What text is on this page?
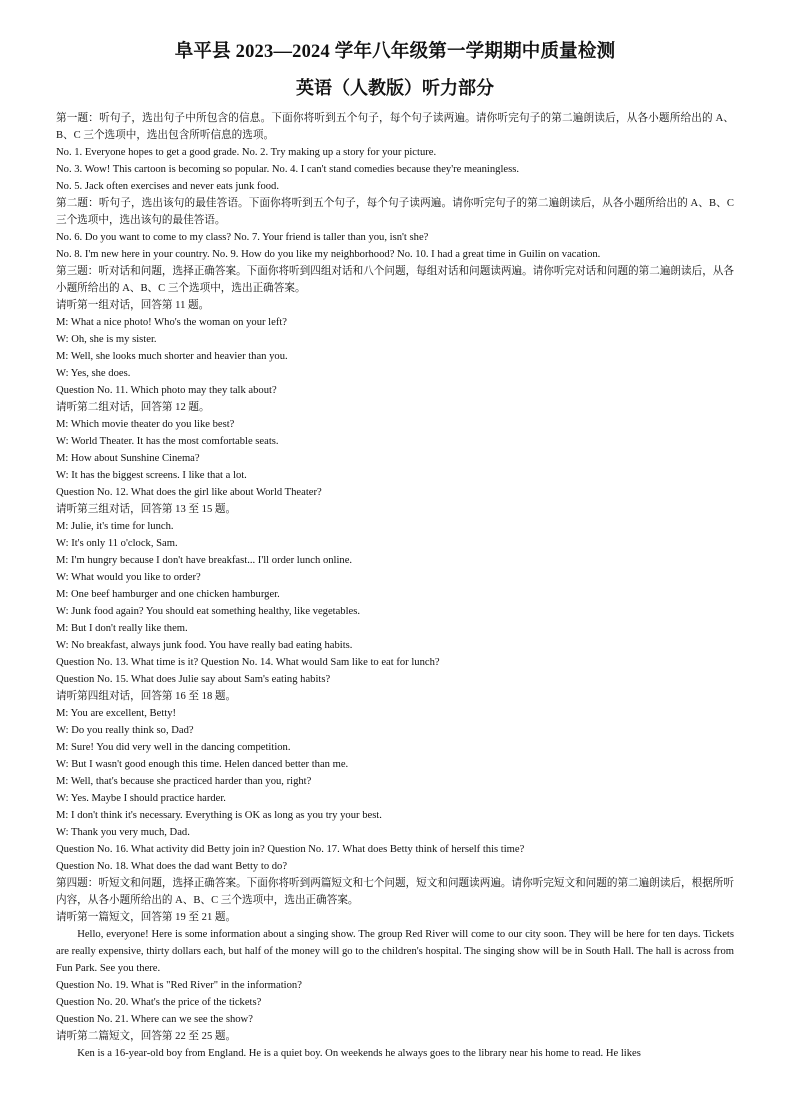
阜平县 2023—2024 学年八年级第一学期期中质量检测
英语（人教版）听力部分
第一题：听句子，选出句子中所包含的信息。下面你将听到五个句子，每个句子读两遍。请你听完句子的第二遍朗读后，从各小题所给出的 A、B、C 三个选项中，选出包含所听信息的选项。
No. 1. Everyone hopes to get a good grade. No. 2. Try making up a story for your picture.
No. 3. Wow! This cartoon is becoming so popular. No. 4. I can't stand comedies because they're meaningless.
No. 5. Jack often exercises and never eats junk food.
第二题：听句子，选出该句的最佳答语。下面你将听到五个句子，每个句子读两遍。请你听完句子的第二遍朗读后，从各小题所给出的 A、B、C 三个选项中，选出该句的最佳答语。
No. 6. Do you want to come to my class? No. 7. Your friend is taller than you, isn't she?
No. 8. I'm new here in your country. No. 9. How do you like my neighborhood? No. 10. I had a great time in Guilin on vacation.
第三题：听对话和问题，选择正确答案。下面你将听到四组对话和八个问题，每组对话和问题读两遍。请你听完对话和问题的第二遍朗读后，从各小题所给出的 A、B、C 三个选项中，选出正确答案。
请听第一组对话，回答第 11 题。
M: What a nice photo! Who's the woman on your left?
W: Oh, she is my sister.
M: Well, she looks much shorter and heavier than you.
W: Yes, she does.
Question No. 11. Which photo may they talk about?
请听第二组对话，回答第 12 题。
M: Which movie theater do you like best?
W: World Theater. It has the most comfortable seats.
M: How about Sunshine Cinema?
W: It has the biggest screens. I like that a lot.
Question No. 12. What does the girl like about World Theater?
请听第三组对话，回答第 13 至 15 题。
M: Julie, it's time for lunch.
W: It's only 11 o'clock, Sam.
M: I'm hungry because I don't have breakfast... I'll order lunch online.
W: What would you like to order?
M: One beef hamburger and one chicken hamburger.
W: Junk food again? You should eat something healthy, like vegetables.
M: But I don't really like them.
W: No breakfast, always junk food. You have really bad eating habits.
Question No. 13. What time is it? Question No. 14. What would Sam like to eat for lunch?
Question No. 15. What does Julie say about Sam's eating habits?
请听第四组对话，回答第 16 至 18 题。
M: You are excellent, Betty!
W: Do you really think so, Dad?
M: Sure! You did very well in the dancing competition.
W: But I wasn't good enough this time. Helen danced better than me.
M: Well, that's because she practiced harder than you, right?
W: Yes. Maybe I should practice harder.
M: I don't think it's necessary. Everything is OK as long as you try your best.
W: Thank you very much, Dad.
Question No. 16. What activity did Betty join in? Question No. 17. What does Betty think of herself this time?
Question No. 18. What does the dad want Betty to do?
第四题：听短文和问题，选择正确答案。下面你将听到两篇短文和七个问题，短文和问题读两遍。请你听完短文和问题的第二遍朗读后，根据所听内容，从各小题所给出的 A、B、C 三个选项中，选出正确答案。
请听第一篇短文，回答第 19 至 21 题。
Hello, everyone! Here is some information about a singing show. The group Red River will come to our city soon. They will be here for ten days. Tickets are really expensive, thirty dollars each, but half of the money will go to the children's hospital. The singing show will be in South Hall. The hall is across from Fun Park. See you there.
Question No. 19. What is "Red River" in the information?
Question No. 20. What's the price of the tickets?
Question No. 21. Where can we see the show?
请听第二篇短文，回答第 22 至 25 题。
Ken is a 16-year-old boy from England. He is a quiet boy. On weekends he always goes to the library near his home to read. He likes
